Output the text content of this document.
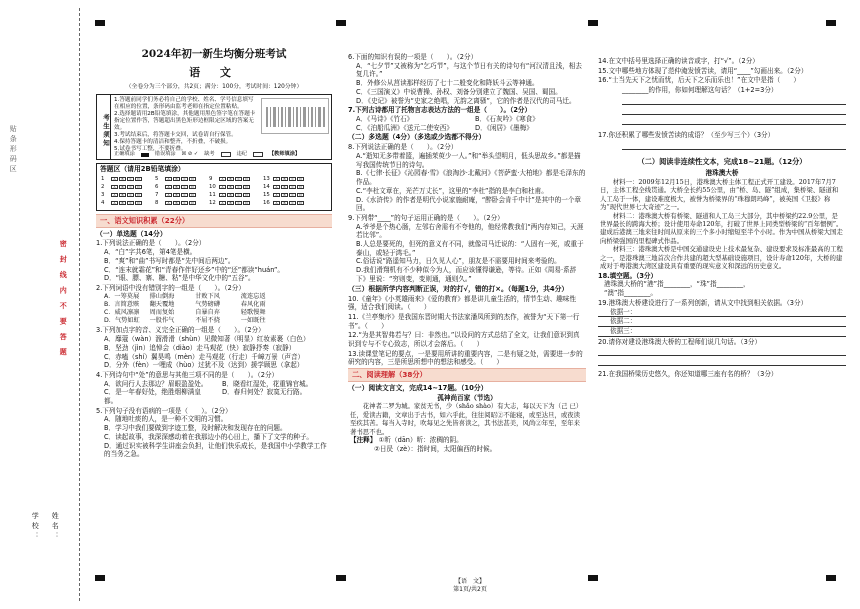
贴条形码区
密 封 线 内 不 要 答 题
学校： 姓名：
2024年初一新生均衡分班考试
语 文
（全卷分为三个部分，共2页；满分：100分，考试时间：120分钟）
考生须知
1.答题前同学们务必将自己的学校、姓名、学号信息填写在相应的位置，条形码由监考老师在指定位置粘贴。
2.选择题请用2B铅笔填涂，其他题用黑色签字笔在答题卡指定位置作答，答题超出黑色矩形边框限定区域的答案无效。
3.考试结束后，将答题卡交回，试卷请自行保管。
4.保持答题卡的清洁和整齐，不折叠，不破损。
5.试卷书写工整，不要折叠。
正确填涂	错误填涂 ☒ ⊘ ✓ 缺考	违纪	【教师填涂】
答题区（请用2B铅笔填涂）
1	A B C D	5	A B C D	9	A B C D	13 A B C D
2	A B C D	6	A B C D	10 A B C D	14 A B C D
3	A B C D	7	A B C D	11 A B C D	15 A B C D
4	A B C D	8	A B C D	12 A B C D	16 A B C D
一、语文知识积累（22分）
（一）单选题（14分）
1.下列说法正确的是（　　）。（2分）
A．“白”字共6笔，第4笔是横。
B．“爽”和“曲”书写时都是“先中间后两边”。
C．“连末就霜花”和“青春作伴好还乡”中的“还”都读“huán”。
D．“眼、膘、寨、糖、粘”是中华文化中的“五谷”。
2.下列词语中没有错别字的一组是（　　）。（2分）
A．一筹莫展	排山倒海	甘败下风	流连忘返
B．言简意赅	翻天覆地	气势磅礴	春风化雨
C．威风凛凛	周而复始	自暴自弃	轻歌慢舞
D．气势如虹	一股作气	不屈不挠	一如既往
3.下列加点字的音、义完全正确的一组是（　　）。（2分）
A．靡蔻（wàn）溜滑滑（shùn）见微知著（明显）红妆素裹（白色）
B．坚劲（jìn）追悼会（diào）走马观花（快）寂静抒奏（寂静）
C．赤嗑（shí）翼昊鸣（mèn）走马观花（行走）千嶂万景（声音）
D．分外（fèn）一哩成（hùo）过犹不及（达到）援学顾思（拿起）
4.下列诗句中“处”的意思与其他三项不同的是（　　）。（2分）
A．欲问行人去那边？眉眼盈盈处。	B．晓看红湿处，花重锦官城。
C．是一年春好处，绝胜烟柳满皇都。
D．春归何处？寂寞无行路。
5.下列句子没有语病的一项是（　　）。（2分）
A．随地吐痰的人，是一种不文明的习惯。
B．学习中我们要做到字迹工整，及时解决和发现存在的问题。
C．读起故事，我深深感动着在我那边小的心田上，播下了文学的种子。
D．通过识实被科学生讲座会负担，让他们快乐成长，是我国中小学教学工作的当务之急。
6.下面的知识有误的一项是（　　）。（2分）
A．“七夕节”又被称为“乞巧节”，与这个节日有关的诗句有“河汉清且浅，相去复几许。”
B．外修公从莒读那样经历了七十二般变化和降妖斗云等神通。
C．《三国演义》中说曹操、孙权、刘备分别建立了魏国、吴国、蜀国。
D．《史记》被誉为“史家之绝唱，无韵之离骚”，它的作者是汉代的司马迁。
7.下列古诗都用了托物言志表达方法的一组是（　　）。（2分）
A．《马诗》《竹石》	B．《石灰吟》《寒食》
C．《泊船瓜洲》《送元二使安西》	D．《闲居》《墨梅》
（二）多选题（4分）（多选或少选都不得分）
8.下列说法正确的是（　　）。（2分）
A.“逝知无多带着篮，遍插茱萸少一人。”和“举头望明月，低头思故乡。”都是描写我国传统节日的诗句。
B.《七律·长征》《沁园春·雪》《浪淘沙·北戴河》《菩萨蛮·大柏地》都是毛泽东的作品。
C.“李杜文章在，光芒万丈长”，这里的“李杜”指的是李白和杜甫。
D.《水浒传》的作者是明代小说家施耐庵，“醉卧会肯千中计”是其中的一个章回。
9.下列带“____”的句子运用正确的是（　　）。（2分）
A.爷爷是个热心肠，左邻右舍需有不夸他的，他经常教我们“两内存知己，天涯若比邻”。
B.人总是要死的，但死的意义有不同，就像司马迁说的：“人固有一死，或重于泰山，或轻于鸿毛。”
C.俗话说“路遥知马力，日久见人心”，朋友是不需要用时间来考验的。
D.我们滑翔机有不少种似今为人，而应该懂得谦逊，等待。正如《周易·系辞下》里说：“穷则变，变则通，通则久。”
（三）根据所学内容判断正误，对的打√，错的打×。（每题1分，共4分）
10.《童年》《小英雄雨来》《爱的教育》都是讲儿童生活的，情节生动、趣味性强，适合我们阅读。（　　）
11.《兰亭集序》是我国东晋时期大书法家潘凤所到的杰作，被誉为“天下第一行书”。（　　）
12.“为是其智弗若与？曰：非然也。”以设问的方式总结了全文，让我们意识到真识到专与不专心致志，所以才会落后。（　　）
13.读课堂笔记的要点，一是要用所讲的重要内容，二是有疑之处，需要进一步的研究的内容，三是所思所想中的想法和感受。（　　）
二、阅读理解（38分）
（一）阅读文言文，完成14~17题。（10分）
孤神尚百家（节选）
花神者二罗为城。家贫无书，少（shǎo shào）有大志，每以天下为（己 已）任，爱读古籍，文章出于古书，如六乎此，往往阅昭②不能寝，或至达旦，或夜读至疾其苦。每当入寺时，吹每见之先皆喜读之，其书法甚美，风尚②年至，至年来著书思不也。
【注释】 ①昕（dān）昕：浓稠的阴。
②日昃（zè）：指时间，太阳偏西的时候。
14.在文中括号里选择正确的读音或字，打“√”。（2分）
15.文中哪些地方体现了范仲淹发愤苦读，请用“____”勾画出来。（2分）
16.“士当先天下之忧而忧，后天下之乐而乐也！”在文中是指（　　）
________的作用，你如何理解这句话？（1+2=3分）
17.你还积累了哪些发愤苦读的成语？（至少写三个）（3分）
（二）阅读非连续性文本，完成18~21题。（12分）
港珠澳大桥
材料一：2009年12月15日，港珠澳大桥主体工程正式开工建设。2017年7月7日，主体工程全线贯通。大桥全长约55公里，由“桥、岛、隧”组成，集桥梁、隧道和人工岛于一体，建设难度极大，被誉为桥梁界的“珠穆朗玛峰”，被英国《卫报》称为“现代世界七大奇迹”之一。
材料二：港珠澳大桥有桥梁、隧道和人工岛三大部分，其中桥梁约22.9公里，是世界最长的跨海大桥；设计使用寿命120年，打破了世界上同类型桥梁的“百年惯例”。建成后港澳三地来往时间从原来的三个多小时缩短至半个小时。作为中国从桥梁大国走向桥梁强国的里程碑式作品。
材料三：港珠澳大桥是中国交通建设史上技术最复杂、建设要求及标准最高的工程之一，是港珠澳三地首次合作共建的超大型基础设施项目，设计寿命120年，大桥的建成对于粤港澳大湾区建设具有重要的现实意义和深远的历史意义。
18.填空题。（3分）
港珠澳大桥的“港”指________，“珠”指________，
“澳”指________。
19.港珠澳大桥建设进行了一系列创新，请从文中找到相关依据。（3分）
依据一：
依据二：
依据三：
20.请你对建设港珠澳大桥的工程师们说几句话。（3分）
21.在我国桥梁历史悠久，你还知道哪三座有名的桥？（3分）
【语　文】
第1页/共2页
